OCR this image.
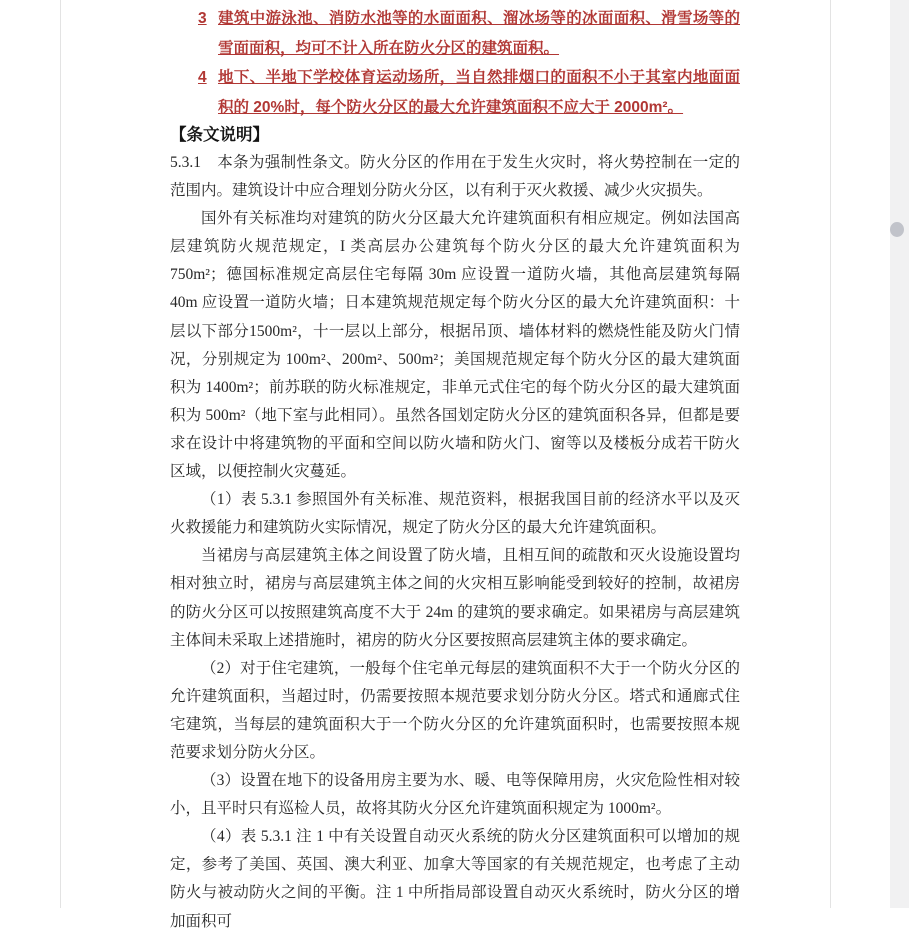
3 建筑中游泳池、消防水池等的水面面积、溜冰场等的冰面面积、滑雪场等的雪面面积，均可不计入所在防火分区的建筑面积。
4 地下、半地下学校体育运动场所，当自然排烟口的面积不小于其室内地面面积的 20%时，每个防火分区的最大允许建筑面积不应大于 2000m²。
【条文说明】

5.3.1　本条为强制性条文。防火分区的作用在于发生火灾时，将火势控制在一定的范围内。建筑设计中应合理划分防火分区，以有利于灭火救援、减少火灾损失。

国外有关标准均对建筑的防火分区最大允许建筑面积有相应规定。例如法国高层建筑防火规范规定，I 类高层办公建筑每个防火分区的最大允许建筑面积为 750m²；德国标准规定高层住宅每隔 30m 应设置一道防火墙，其他高层建筑每隔 40m 应设置一道防火墙；日本建筑规范规定每个防火分区的最大允许建筑面积：十层以下部分1500m²，十一层以上部分，根据吊顶、墙体材料的燃烧性能及防火门情况，分别规定为 100m²、200m²、500m²；美国规范规定每个防火分区的最大建筑面积为 1400m²；前苏联的防火标准规定，非单元式住宅的每个防火分区的最大建筑面积为 500m²（地下室与此相同）。虽然各国划定防火分区的建筑面积各异，但都是要求在设计中将建筑物的平面和空间以防火墙和防火门、窗等以及楼板分成若干防火区域，以便控制火灾蔓延。

（1）表 5.3.1 参照国外有关标准、规范资料，根据我国目前的经济水平以及灭火救援能力和建筑防火实际情况，规定了防火分区的最大允许建筑面积。

当裙房与高层建筑主体之间设置了防火墙，且相互间的疏散和灭火设施设置均相对独立时，裙房与高层建筑主体之间的火灾相互影响能受到较好的控制，故裙房的防火分区可以按照建筑高度不大于 24m 的建筑的要求确定。如果裙房与高层建筑主体间未采取上述措施时，裙房的防火分区要按照高层建筑主体的要求确定。

（2）对于住宅建筑，一般每个住宅单元每层的建筑面积不大于一个防火分区的允许建筑面积，当超过时，仍需要按照本规范要求划分防火分区。塔式和通廊式住宅建筑，当每层的建筑面积大于一个防火分区的允许建筑面积时，也需要按照本规范要求划分防火分区。

（3）设置在地下的设备用房主要为水、暖、电等保障用房，火灾危险性相对较小，且平时只有巡检人员，故将其防火分区允许建筑面积规定为 1000m²。

（4）表 5.3.1 注 1 中有关设置自动灭火系统的防火分区建筑面积可以增加的规定，参考了美国、英国、澳大利亚、加拿大等国家的有关规范规定，也考虑了主动防火与被动防火之间的平衡。注 1 中所指局部设置自动灭火系统时，防火分区的增加面积可
